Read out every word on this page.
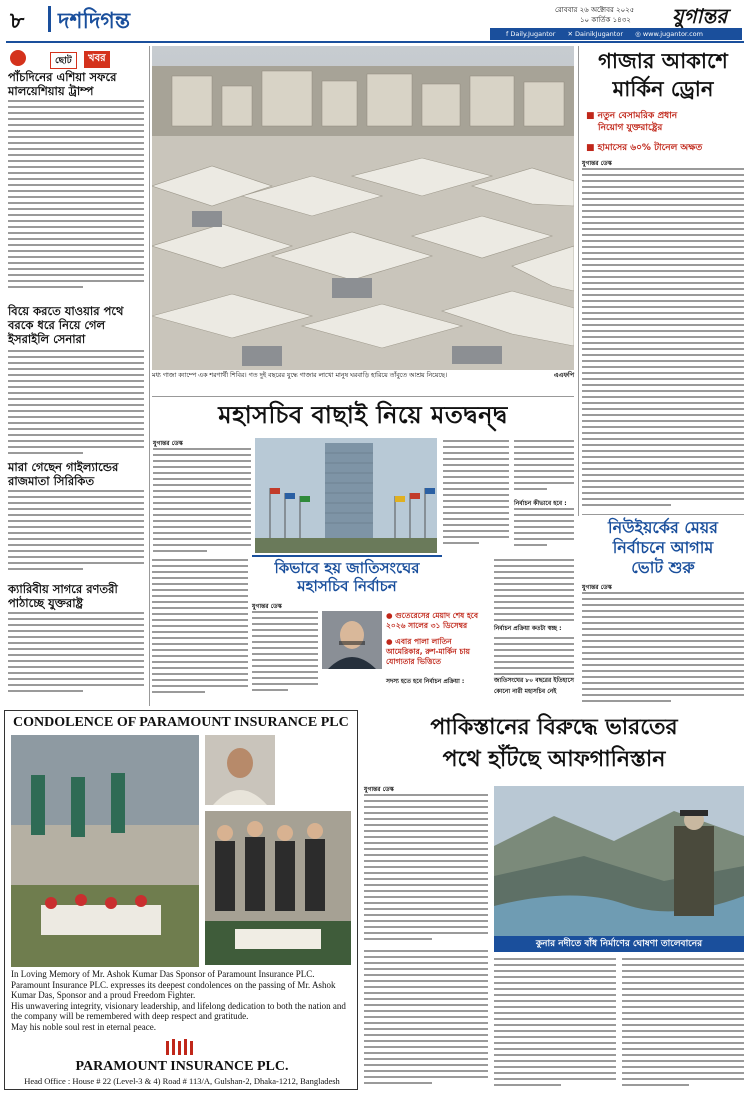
৮ দশদিগন্ত	রোববার ২৬ অক্টোবর ২০২৫
১০ কার্তিক ১৪৩২ যুগান্তর
f Daily.Jugantor ✕ DainikJugantor ◎ www.jugantor.com
ছোট	খবর
পাঁচদিনের এশিয়া সফরে মালয়েশিয়ায় ট্রাম্প
বিয়ে করতে যাওয়ার পথে বরকে ধরে নিয়ে গেল ইসরাইলি সেনারা
মারা গেছেন গাইল্যান্ডের রাজমাতা সিরিকিত
ক্যারিবীয় সাগরে রণতরী পাঠাচ্ছে যুক্তরাষ্ট্র
মধ্য গাজা ক্যাম্পে এক শরণার্থী শিবির। গত দুই বছরের যুদ্ধে গাজার লাখো মানুষ ঘরবাড়ি হারিয়ে তাঁবুতে আশ্রয় নিয়েছে।	এএফপি
গাজার আকাশে
মার্কিন ড্রোন
■ নতুন বেসামরিক প্রধান
নিয়োগ যুক্তরাষ্ট্রের
■ হামাসের ৬০% টানেল অক্ষত
যুগান্তর ডেস্ক
মহাসচিব বাছাই নিয়ে মতদ্বন্দ্ব
যুগান্তর ডেস্ক
নির্বাচন কীভাবে হবে :
কিভাবে হয় জাতিসংঘের
মহাসচিব নির্বাচন
যুগান্তর ডেস্ক
● গুতেরেসের মেয়াদ শেষ হবে ২০২৬ সালের ৩১ ডিসেম্বর
● এবার পালা লাতিন আমেরিকার, রুশ-মার্কিন চায় যোগ্যতার ভিত্তিতে
নির্বাচন প্রক্রিয়া কতটা স্বচ্ছ :
সদস্য হতে হবে নির্বাচন প্রক্রিয়া :	জাতিসংঘের ৮০ বছরের ইতিহাসে কোনো নারী মহাসচিব নেই
নিউইয়র্কের মেয়র
নির্বাচনে আগাম
ভোট শুরু
যুগান্তর ডেস্ক
CONDOLENCE OF PARAMOUNT INSURANCE PLC
In Loving Memory of Mr. Ashok Kumar Das Sponsor of Paramount Insurance PLC. Paramount Insurance PLC. expresses its deepest condolences on the passing of Mr. Ashok Kumar Das, Sponsor and a proud Freedom Fighter.
His unwavering integrity, visionary leadership, and lifelong dedication to both the nation and the company will be remembered with deep respect and gratitude.
May his noble soul rest in eternal peace.
PARAMOUNT INSURANCE PLC.
Head Office : House # 22 (Level-3 & 4) Road # 113/A, Gulshan-2, Dhaka-1212, Bangladesh
পাকিস্তানের বিরুদ্ধে ভারতের
পথে হাঁটছে আফগানিস্তান
যুগান্তর ডেস্ক
কুনার নদীতে বাঁধ নির্মাণের ঘোষণা তালেবানের
